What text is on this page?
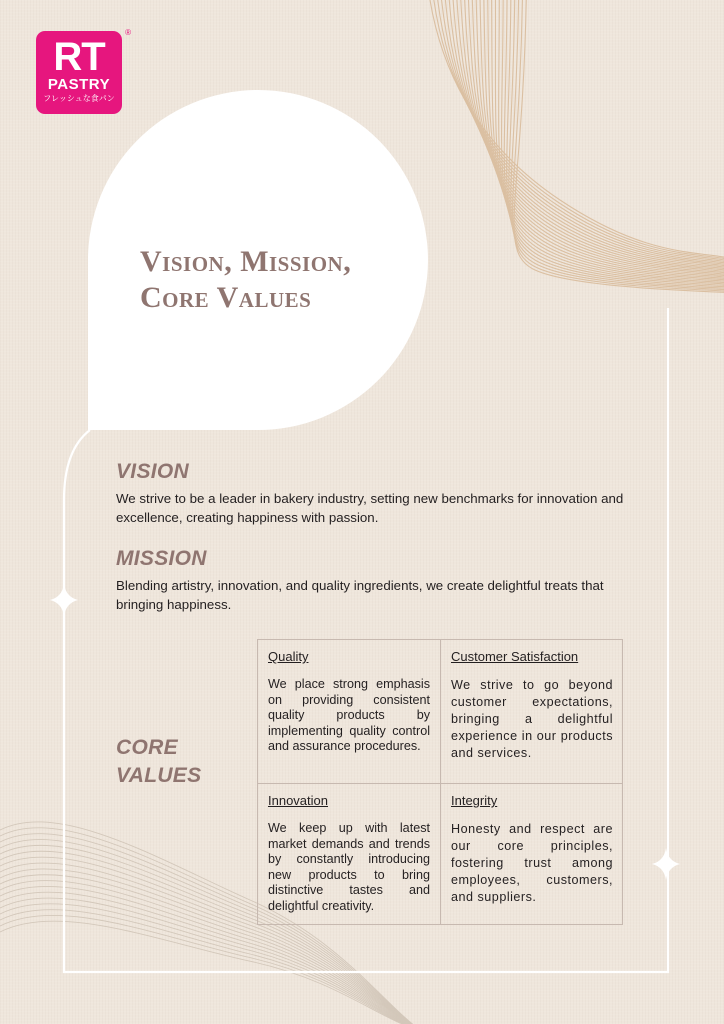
®
RT
PASTRY
フレッシュな食パン
Vision, Mission,
Core Values
VISION
We strive to be a leader in bakery industry, setting new benchmarks for innovation and excellence, creating happiness with passion.
MISSION
Blending artistry, innovation, and quality ingredients, we create delightful treats that bringing happiness.
CORE
VALUES
Quality
We place strong emphasis on providing consistent quality products by implementing quality control and assurance procedures.
Customer Satisfaction
We strive to go beyond customer expectations, bringing a delightful experience in our products and services.
Innovation
We keep up with latest market demands and trends by constantly introducing new products to bring distinctive tastes and delightful creativity.
Integrity
Honesty and respect are our core principles, fostering trust among employees, customers, and suppliers.
